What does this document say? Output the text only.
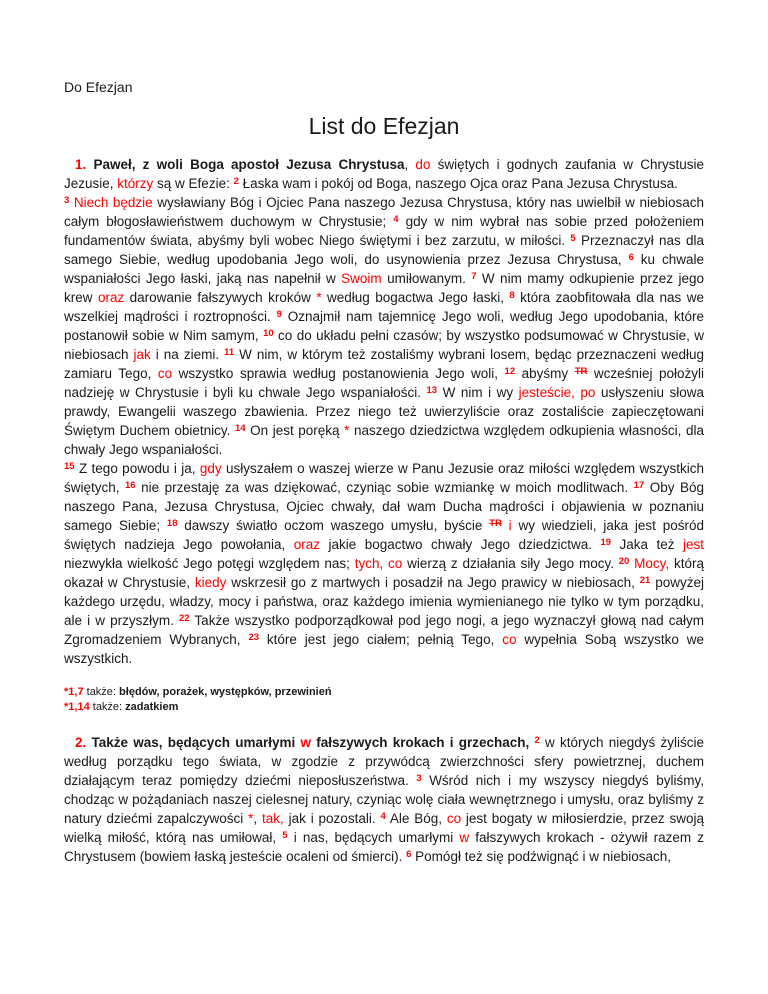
Do Efezjan
List do Efezjan

1. Paweł, z woli Boga apostoł Jezusa Chrystusa, do świętych i godnych zaufania w Chrystusie Jezusie, którzy są w Efezie: $^2$ Łaska wam i pokój od Boga, naszego Ojca oraz Pana Jezusa Chrystusa.

$^3$ Niech będzie wysławiany Bóg i Ojciec Pana naszego Jezusa Chrystusa, który nas uwielbił w niebiosach całym błogosławieństwem duchowym w Chrystusie; $^4$ gdy w nim wybrał nas sobie przed położeniem fundamentów świata, abyśmy byli wobec Niego świętymi i bez zarzutu, w miłości. $^5$ Przeznaczył nas dla samego Siebie, według upodobania Jego woli, do usynowienia przez Jezusa Chrystusa, $^6$ ku chwale wspaniałości Jego łaski, jaką nas napełnił w Swoim umiłowanym. $^7$ W nim mamy odkupienie przez jego krew oraz darowanie fałszywych kroków * według bogactwa Jego łaski, $^8$ która zaobfitowała dla nas we wszelkiej mądrości i roztropności. $^9$ Oznajmił nam tajemnicę Jego woli, według Jego upodobania, które postanowił sobie w Nim samym, $^{10}$ co do układu pełni czasów; by wszystko podsumować w Chrystusie, w niebiosach jak i na ziemi. $^{11}$ W nim, w którym też zostaliśmy wybrani losem, będąc przeznaczeni według zamiaru Tego, co wszystko sprawia według postanowienia Jego woli, $^{12}$ abyśmy $^{TR}$ wcześniej położyli nadzieję w Chrystusie i byli ku chwale Jego wspaniałości. $^{13}$ W nim i wy jesteście, po usłyszeniu słowa prawdy, Ewangelii waszego zbawienia. Przez niego też uwierzyliście oraz zostaliście zapieczętowani Świętym Duchem obietnicy. $^{14}$ On jest poręką * naszego dziedzictwa względem odkupienia własności, dla chwały Jego wspaniałości.

$^{15}$ Z tego powodu i ja, gdy usłyszałem o waszej wierze w Panu Jezusie oraz miłości względem wszystkich świętych, $^{16}$ nie przestaję za was dziękować, czyniąc sobie wzmiankę w moich modlitwach. $^{17}$ Oby Bóg naszego Pana, Jezusa Chrystusa, Ojciec chwały, dał wam Ducha mądrości i objawienia w poznaniu samego Siebie; $^{18}$ dawszy światło oczom waszego umysłu, byście $^{TR}$ i wy wiedzieli, jaka jest pośród świętych nadzieja Jego powołania, oraz jakie bogactwo chwały Jego dziedzictwa. $^{19}$ Jaka też jest niezwykła wielkość Jego potęgi względem nas; tych, co wierzą z działania siły Jego mocy. $^{20}$ Mocy, którą okazał w Chrystusie, kiedy wskrzesił go z martwych i posadził na Jego prawicy w niebiosach, $^{21}$ powyżej każdego urzędu, władzy, mocy i państwa, oraz każdego imienia wymienianego nie tylko w tym porządku, ale i w przyszłym. $^{22}$ Także wszystko podporządkował pod jego nogi, a jego wyznaczył głową nad całym Zgromadzeniem Wybranych, $^{23}$ które jest jego ciałem; pełnią Tego, co wypełnia Sobą wszystko we wszystkich.

*1,7 także: błędów, porażek, występków, przewinień

*1,14 także: zadatkiem

2. Także was, będących umarłymi w fałszywych krokach i grzechach, $^2$ w których niegdyś żyliście według porządku tego świata, w zgodzie z przywódcą zwierzchności sfery powietrznej, duchem działającym teraz pomiędzy dziećmi nieposłuszeństwa. $^3$ Wśród nich i my wszyscy niegdyś byliśmy, chodząc w pożądaniach naszej cielesnej natury, czyniąc wolę ciała wewnętrznego i umysłu, oraz byliśmy z natury dziećmi zapalczywości *, tak, jak i pozostali. $^4$ Ale Bóg, co jest bogaty w miłosierdzie, przez swoją wielką miłość, którą nas umiłował, $^5$ i nas, będących umarłymi w fałszywych krokach - ożywił razem z Chrystusem (bowiem łaską jesteście ocaleni od śmierci). $^6$ Pomógł też się podźwignąć i w niebiosach,
